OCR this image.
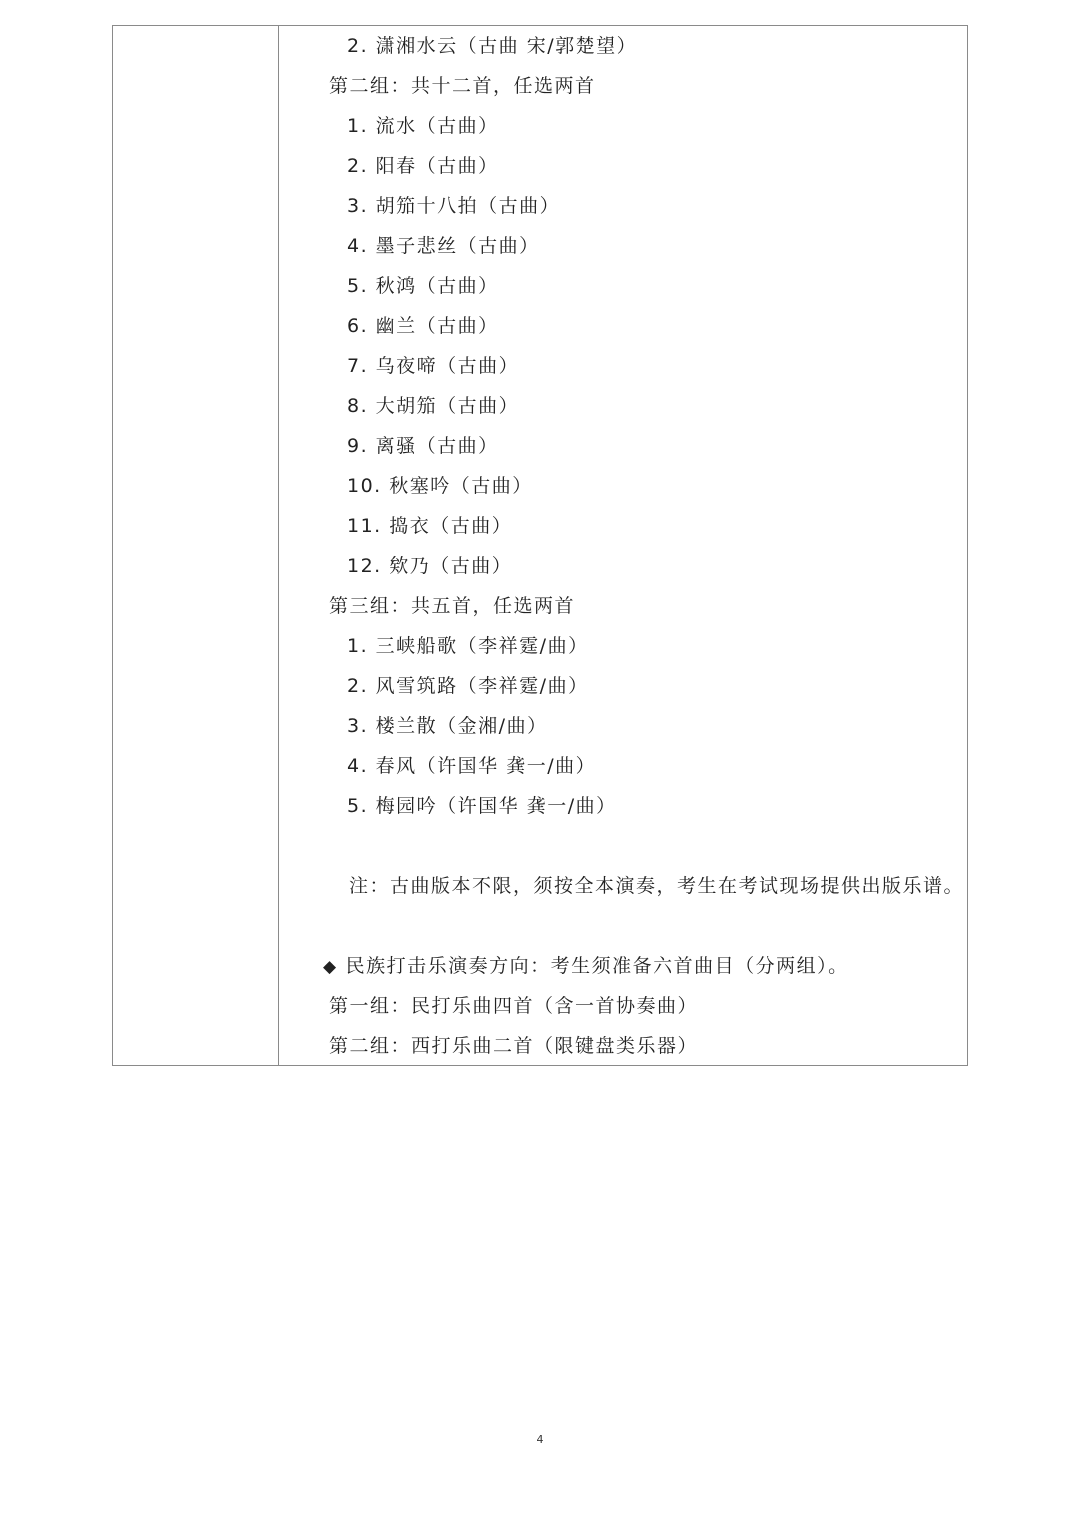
2. 潇湘水云（古曲 宋/郭楚望）
第二组：共十二首，任选两首
1. 流水（古曲）
2. 阳春（古曲）
3. 胡笳十八拍（古曲）
4. 墨子悲丝（古曲）
5. 秋鸿（古曲）
6. 幽兰（古曲）
7. 乌夜啼（古曲）
8. 大胡笳（古曲）
9. 离骚（古曲）
10. 秋塞吟（古曲）
11. 捣衣（古曲）
12. 欸乃（古曲）
第三组：共五首，任选两首
1. 三峡船歌（李祥霆/曲）
2. 风雪筑路（李祥霆/曲）
3. 楼兰散（金湘/曲）
4. 春风（许国华 龚一/曲）
5. 梅园吟（许国华 龚一/曲）
注：古曲版本不限，须按全本演奏，考生在考试现场提供出版乐谱。
◆ 民族打击乐演奏方向：考生须准备六首曲目（分两组）。
第一组：民打乐曲四首（含一首协奏曲）
第二组：西打乐曲二首（限键盘类乐器）
4
